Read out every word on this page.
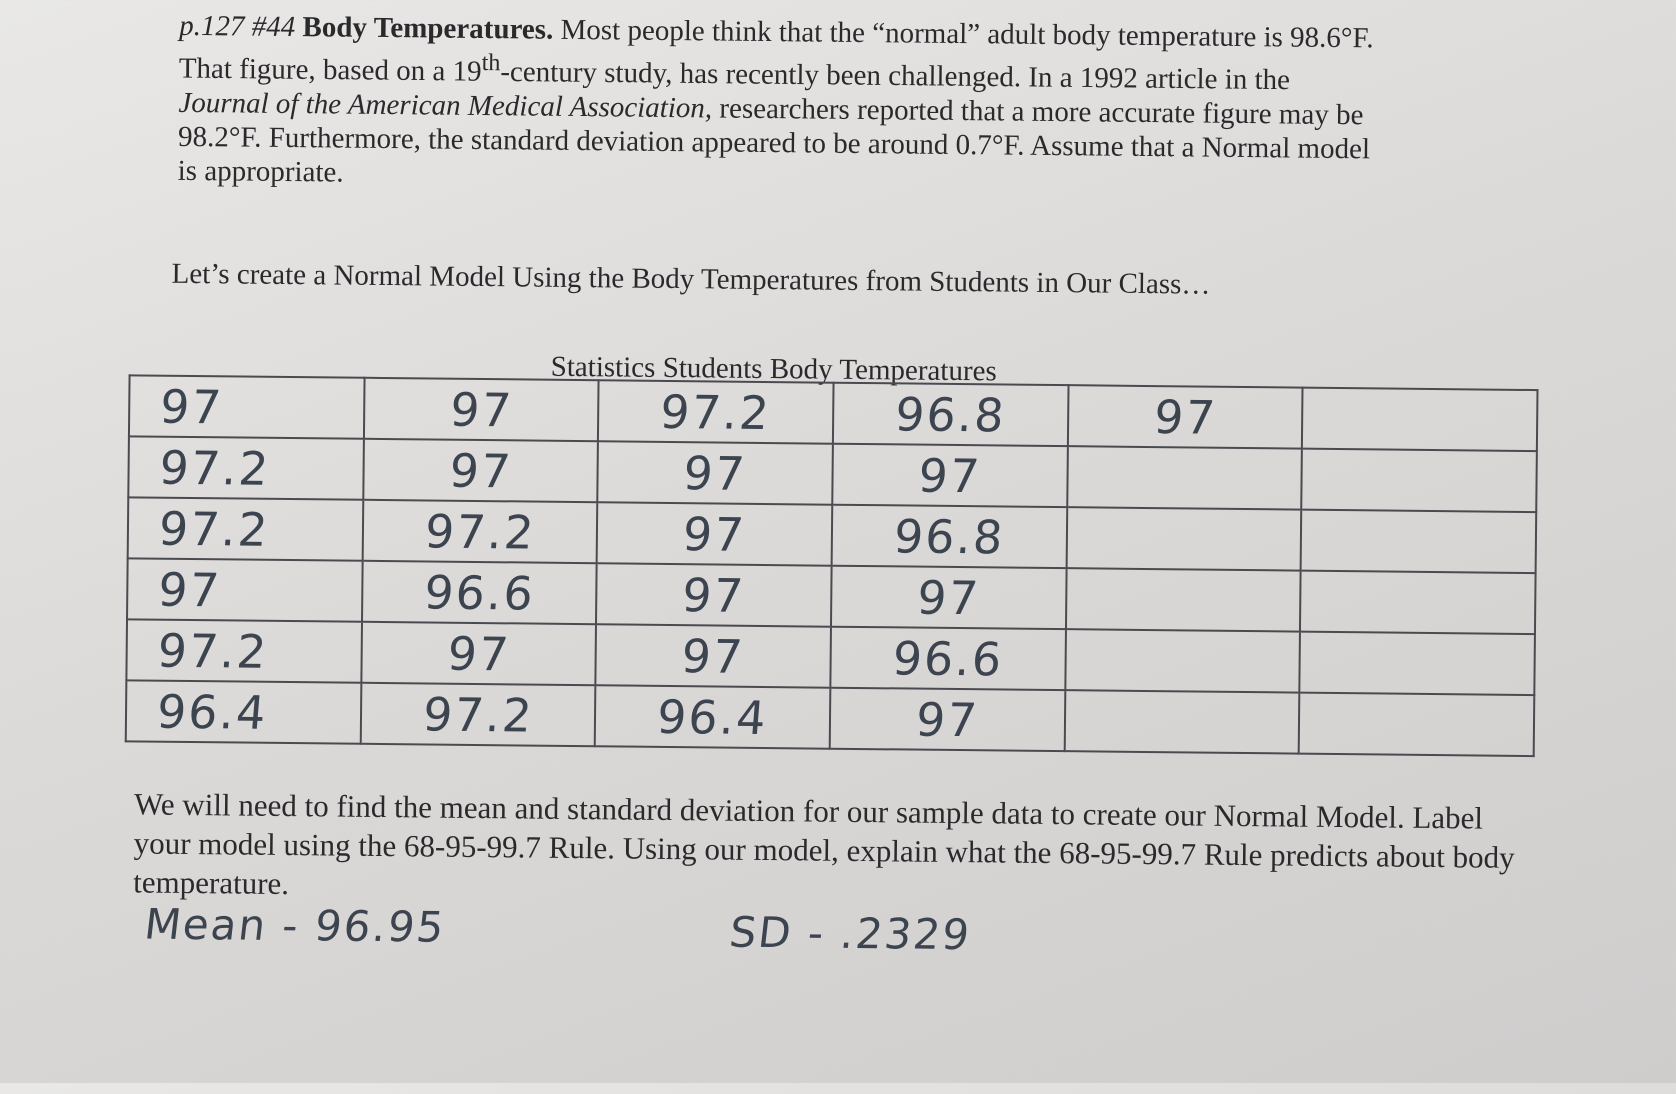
p.127 #44 Body Temperatures. Most people think that the “normal” adult body temperature is 98.6°F. That figure, based on a 19th-century study, has recently been challenged. In a 1992 article in the Journal of the American Medical Association, researchers reported that a more accurate figure may be 98.2°F. Furthermore, the standard deviation appeared to be around 0.7°F. Assume that a Normal model is appropriate.
Let’s create a Normal Model Using the Body Temperatures from Students in Our Class…
Statistics Students Body Temperatures
97	97	97.2	96.8	97	
97.2	97	97	97		
97.2	97.2	97	96.8		
97	96.6	97	97		
97.2	97	97	96.6		
96.4	97.2	96.4	97		
We will need to find the mean and standard deviation for our sample data to create our Normal Model. Label your model using the 68-95-99.7 Rule. Using our model, explain what the 68-95-99.7 Rule predicts about body temperature.
Mean - 96.95	SD - .2329
